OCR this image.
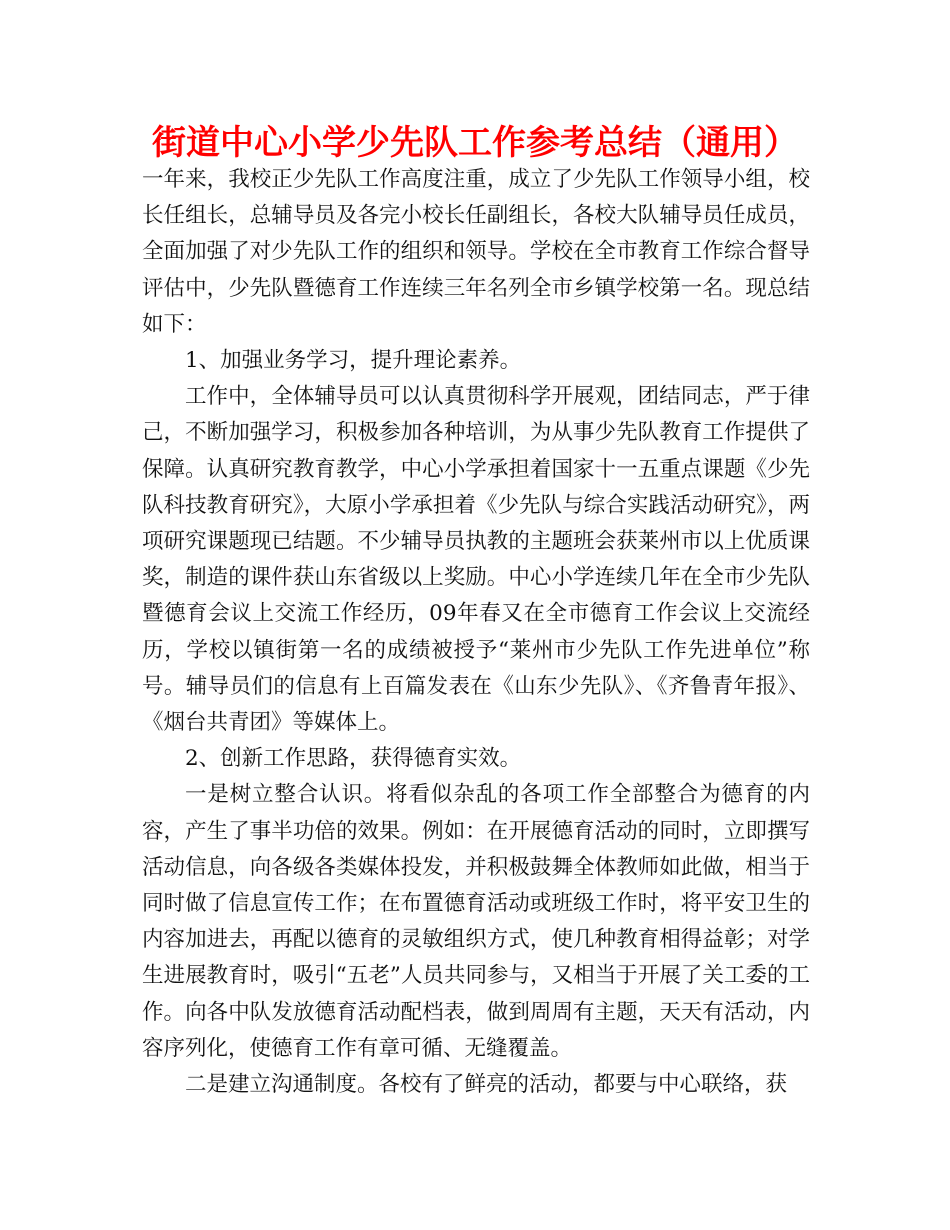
街道中心小学少先队工作参考总结（通用）

一年来，我校正少先队工作高度注重，成立了少先队工作领导小组，校长任组长，总辅导员及各完小校长任副组长，各校大队辅导员任成员，全面加强了对少先队工作的组织和领导。学校在全市教育工作综合督导评估中，少先队暨德育工作连续三年名列全市乡镇学校第一名。现总结如下：

1、加强业务学习，提升理论素养。

工作中，全体辅导员可以认真贯彻科学开展观，团结同志，严于律己，不断加强学习，积极参加各种培训，为从事少先队教育工作提供了保障。认真研究教育教学，中心小学承担着国家十一五重点课题《少先队科技教育研究》，大原小学承担着《少先队与综合实践活动研究》，两项研究课题现已结题。不少辅导员执教的主题班会获莱州市以上优质课奖，制造的课件获山东省级以上奖励。中心小学连续几年在全市少先队暨德育会议上交流工作经历，09年春又在全市德育工作会议上交流经历，学校以镇街第一名的成绩被授予“莱州市少先队工作先进单位”称号。辅导员们的信息有上百篇发表在《山东少先队》、《齐鲁青年报》、《烟台共青团》等媒体上。

2、创新工作思路，获得德育实效。

一是树立整合认识。将看似杂乱的各项工作全部整合为德育的内容，产生了事半功倍的效果。例如：在开展德育活动的同时，立即撰写活动信息，向各级各类媒体投发，并积极鼓舞全体教师如此做，相当于同时做了信息宣传工作；在布置德育活动或班级工作时，将平安卫生的内容加进去，再配以德育的灵敏组织方式，使几种教育相得益彰；对学生进展教育时，吸引“五老”人员共同参与，又相当于开展了关工委的工作。向各中队发放德育活动配档表，做到周周有主题，天天有活动，内容序列化，使德育工作有章可循、无缝覆盖。

二是建立沟通制度。各校有了鲜亮的活动，都要与中心联络，获
